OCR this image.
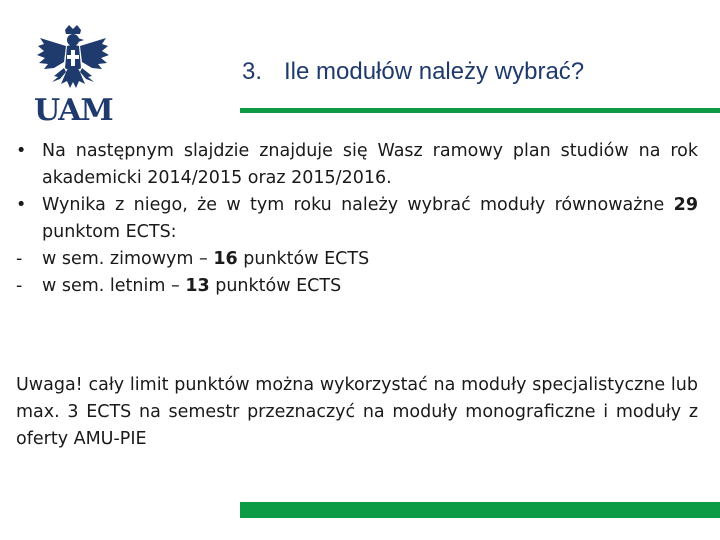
UAM
3. Ile modułów należy wybrać?
• Na następnym slajdzie znajduje się Wasz ramowy plan studiów na rok akademicki 2014/2015 oraz 2015/2016.
• Wynika z niego, że w tym roku należy wybrać moduły równoważne 29 punktom ECTS:
- w sem. zimowym – 16 punktów ECTS
- w sem. letnim – 13 punktów ECTS
Uwaga! cały limit punktów można wykorzystać na moduły specjalistyczne lub max. 3 ECTS na semestr przeznaczyć na moduły monograficzne i moduły z oferty AMU-PIE
